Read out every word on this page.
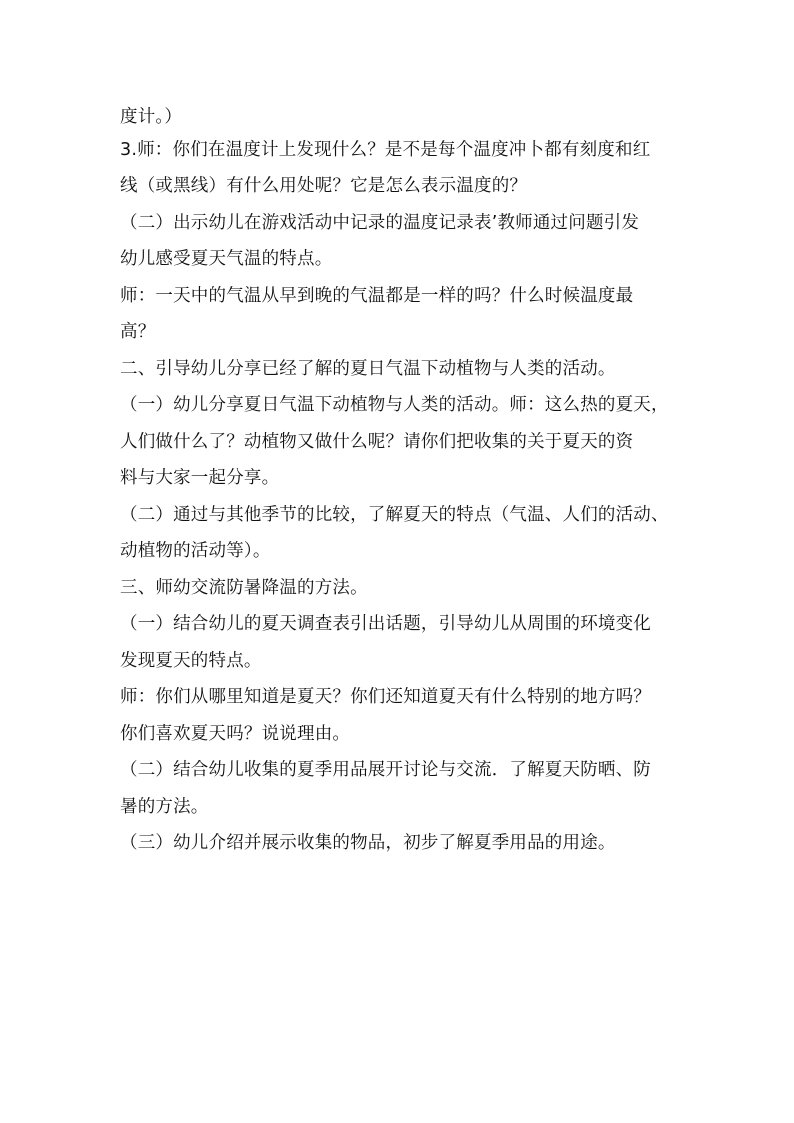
度计。）
3.师：你们在温度计上发现什么？是不是每个温度冲卜都有刻度和红
线（或黑线）有什么用处呢？它是怎么表示温度的？
（二）出示幼儿在游戏活动中记录的温度记录表’教师通过问题引发
幼儿感受夏天气温的特点。
师：一天中的气温从早到晚的气温都是一样的吗？什么时候温度最
高？
二、引导幼儿分享已经了解的夏日气温下动植物与人类的活动。
（一）幼儿分享夏日气温下动植物与人类的活动。师：这么热的夏天，
人们做什么了？动植物又做什么呢？请你们把收集的关于夏天的资
料与大家一起分享。
（二）通过与其他季节的比较，了解夏天的特点（气温、人们的活动、
动植物的活动等）。
三、师幼交流防暑降温的方法。
（一）结合幼儿的夏天调查表引出话题，引导幼儿从周围的环境变化
发现夏天的特点。
师：你们从哪里知道是夏天？你们还知道夏天有什么特别的地方吗？
你们喜欢夏天吗？说说理由。
（二）结合幼儿收集的夏季用品展开讨论与交流．了解夏天防晒、防
暑的方法。
（三）幼儿介绍并展示收集的物品，初步了解夏季用品的用途。
